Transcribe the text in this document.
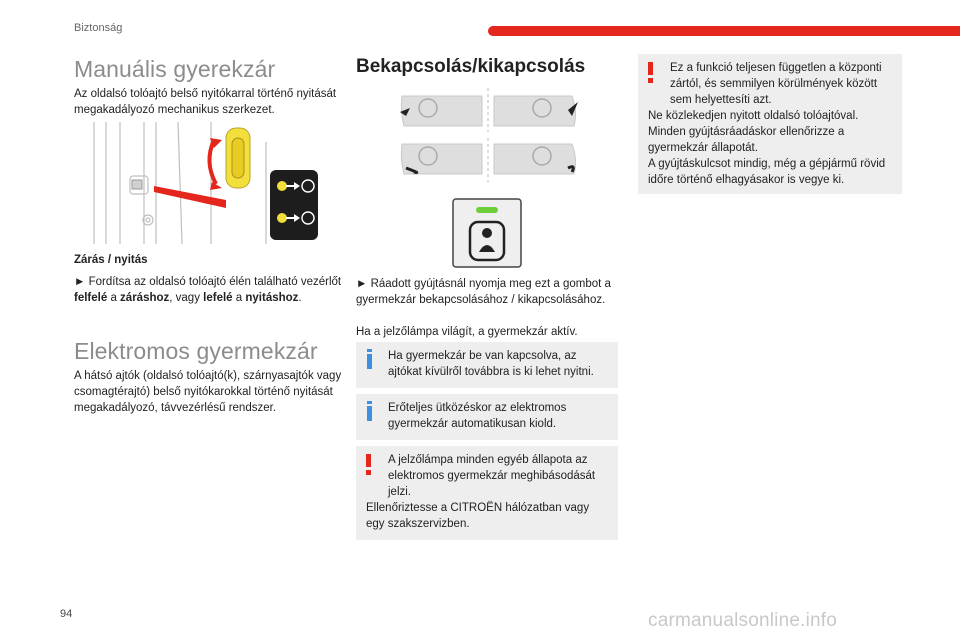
Biztonság
Manuális gyerekzár
Az oldalsó tolóajtó belső nyitókarral történő nyitását megakadályozó mechanikus szerkezet.
Zárás / nyitás
► Fordítsa az oldalsó tolóajtó élén található vezérlőt felfelé a záráshoz, vagy lefelé a nyitáshoz.
Elektromos gyermekzár
A hátsó ajtók (oldalsó tolóajtó(k), szárnyasajtók vagy csomagtérajtó) belső nyitókarokkal történő nyitását megakadályozó, távvezérlésű rendszer.
Bekapcsolás/kikapcsolás
► Ráadott gyújtásnál nyomja meg ezt a gombot a gyermekzár bekapcsolásához / kikapcsolásához.
Ha a jelzőlámpa világít, a gyermekzár aktív.
Ha gyermekzár be van kapcsolva, az ajtókat kívülről továbbra is ki lehet nyitni.
Erőteljes ütközéskor az elektromos gyermekzár automatikusan kiold.
A jelzőlámpa minden egyéb állapota az elektromos gyermekzár meghibásodását jelzi.
Ellenőriztesse a CITROËN hálózatban vagy egy szakszervizben.
Ez a funkció teljesen független a központi zártól, és semmilyen körülmények között sem helyettesíti azt.
Ne közlekedjen nyitott oldalsó tolóajtóval.
Minden gyújtásráadáskor ellenőrizze a gyermekzár állapotát.
A gyújtáskulcsot mindig, még a gépjármű rövid időre történő elhagyásakor is vegye ki.
94	carmanualsonline.info
